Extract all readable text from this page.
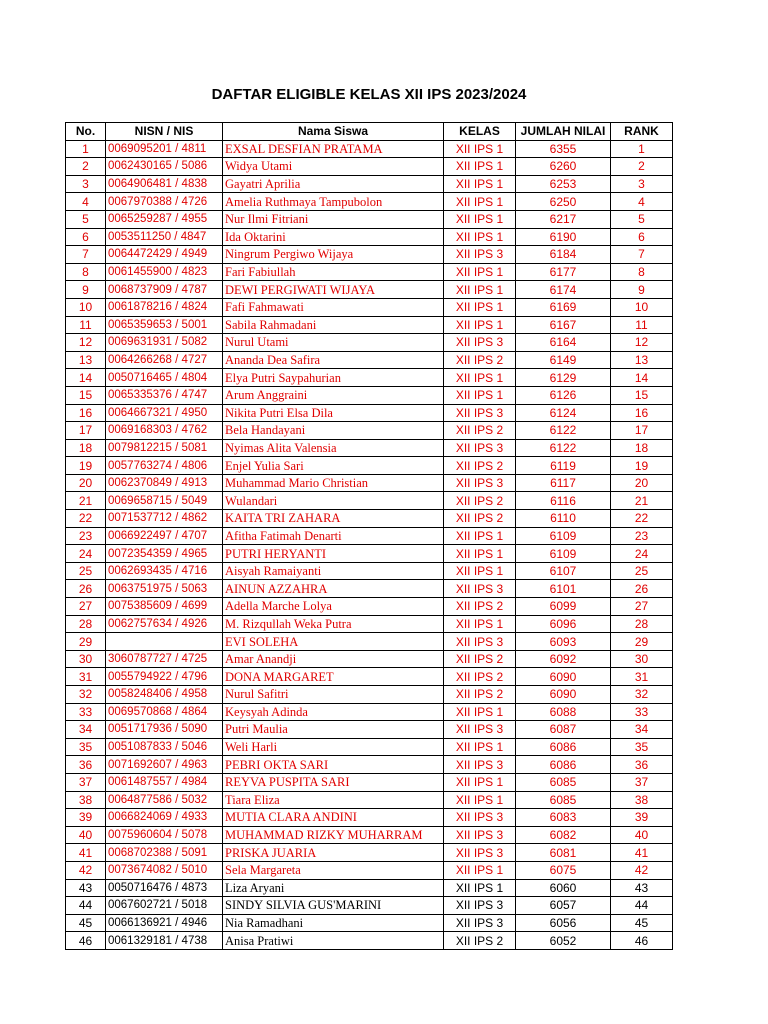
DAFTAR ELIGIBLE KELAS XII IPS 2023/2024
No.	NISN / NIS	Nama Siswa	KELAS	JUMLAH NILAI	RANK
1	0069095201 / 4811	EXSAL DESFIAN PRATAMA	XII IPS 1	6355	1
2	0062430165 / 5086	Widya Utami	XII IPS 1	6260	2
3	0064906481 / 4838	Gayatri Aprilia	XII IPS 1	6253	3
4	0067970388 / 4726	Amelia Ruthmaya Tampubolon	XII IPS 1	6250	4
5	0065259287 / 4955	Nur Ilmi Fitriani	XII IPS 1	6217	5
6	0053511250 / 4847	Ida Oktarini	XII IPS 1	6190	6
7	0064472429 / 4949	Ningrum Pergiwo Wijaya	XII IPS 3	6184	7
8	0061455900 / 4823	Fari Fabiullah	XII IPS 1	6177	8
9	0068737909 / 4787	DEWI PERGIWATI WIJAYA	XII IPS 1	6174	9
10	0061878216 / 4824	Fafi Fahmawati	XII IPS 1	6169	10
11	0065359653 / 5001	Sabila Rahmadani	XII IPS 1	6167	11
12	0069631931 / 5082	Nurul Utami	XII IPS 3	6164	12
13	0064266268 / 4727	Ananda Dea Safira	XII IPS 2	6149	13
14	0050716465 / 4804	Elya Putri Saypahurian	XII IPS 1	6129	14
15	0065335376 / 4747	Arum Anggraini	XII IPS 1	6126	15
16	0064667321 / 4950	Nikita Putri Elsa Dila	XII IPS 3	6124	16
17	0069168303 / 4762	Bela Handayani	XII IPS 2	6122	17
18	0079812215 / 5081	Nyimas Alita Valensia	XII IPS 3	6122	18
19	0057763274 / 4806	Enjel Yulia Sari	XII IPS 2	6119	19
20	0062370849 / 4913	Muhammad Mario Christian	XII IPS 3	6117	20
21	0069658715 / 5049	Wulandari	XII IPS 2	6116	21
22	0071537712 / 4862	KAITA TRI ZAHARA	XII IPS 2	6110	22
23	0066922497 / 4707	Afitha Fatimah Denarti	XII IPS 1	6109	23
24	0072354359 / 4965	PUTRI HERYANTI	XII IPS 1	6109	24
25	0062693435 / 4716	Aisyah Ramaiyanti	XII IPS 1	6107	25
26	0063751975 / 5063	AINUN AZZAHRA	XII IPS 3	6101	26
27	0075385609 / 4699	Adella Marche Lolya	XII IPS 2	6099	27
28	0062757634 / 4926	M. Rizqullah Weka Putra	XII IPS 1	6096	28
29		EVI SOLEHA	XII IPS 3	6093	29
30	3060787727 / 4725	Amar Anandji	XII IPS 2	6092	30
31	0055794922 / 4796	DONA MARGARET	XII IPS 2	6090	31
32	0058248406 / 4958	Nurul Safitri	XII IPS 2	6090	32
33	0069570868 / 4864	Keysyah Adinda	XII IPS 1	6088	33
34	0051717936 / 5090	Putri Maulia	XII IPS 3	6087	34
35	0051087833 / 5046	Weli Harli	XII IPS 1	6086	35
36	0071692607 / 4963	PEBRI OKTA SARI	XII IPS 3	6086	36
37	0061487557 / 4984	REYVA PUSPITA SARI	XII IPS 1	6085	37
38	0064877586 / 5032	Tiara Eliza	XII IPS 1	6085	38
39	0066824069 / 4933	MUTIA CLARA ANDINI	XII IPS 3	6083	39
40	0075960604 / 5078	MUHAMMAD RIZKY MUHARRAM	XII IPS 3	6082	40
41	0068702388 / 5091	PRISKA JUARIA	XII IPS 3	6081	41
42	0073674082 / 5010	Sela Margareta	XII IPS 1	6075	42
43	0050716476 / 4873	Liza Aryani	XII IPS 1	6060	43
44	0067602721 / 5018	SINDY SILVIA GUS'MARINI	XII IPS 3	6057	44
45	0066136921 / 4946	Nia Ramadhani	XII IPS 3	6056	45
46	0061329181 / 4738	Anisa Pratiwi	XII IPS 2	6052	46
